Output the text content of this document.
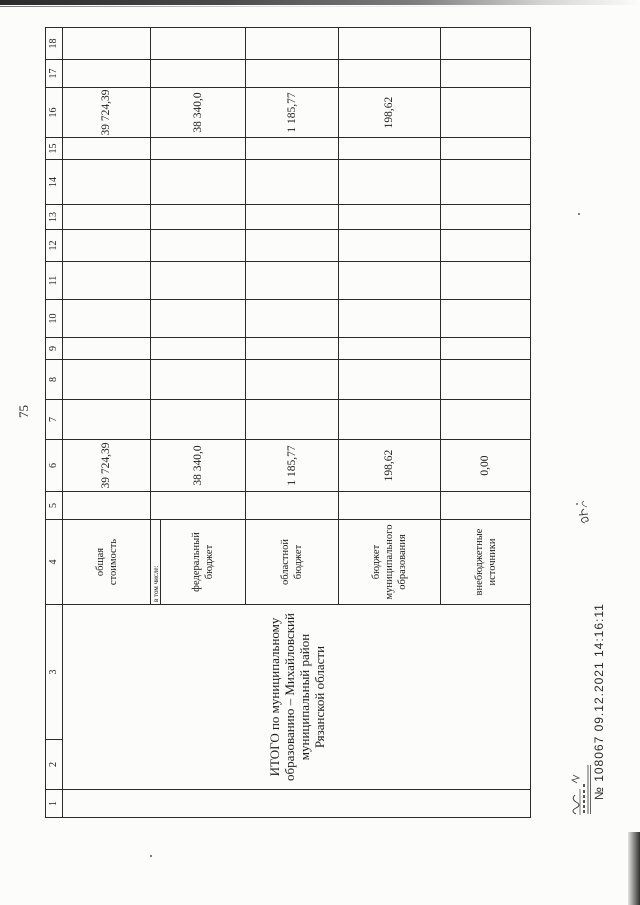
75
1
2
3
4
5
6
7
8
9
10
11
12
13
14
15
16
17
18
ИТОГО по муниципальному образованию – Михайловский муниципальный район Рязанской области
в том числе:
общая стоимость
39 724,39
39 724,39
федеральный бюджет
38 340,0
38 340,0
областной бюджет
1 185,77
1 185,77
бюджет муниципального образования
198,62
198,62
внебюджетные источники
0,00
№ 108067 09.12.2021 14:16:11
